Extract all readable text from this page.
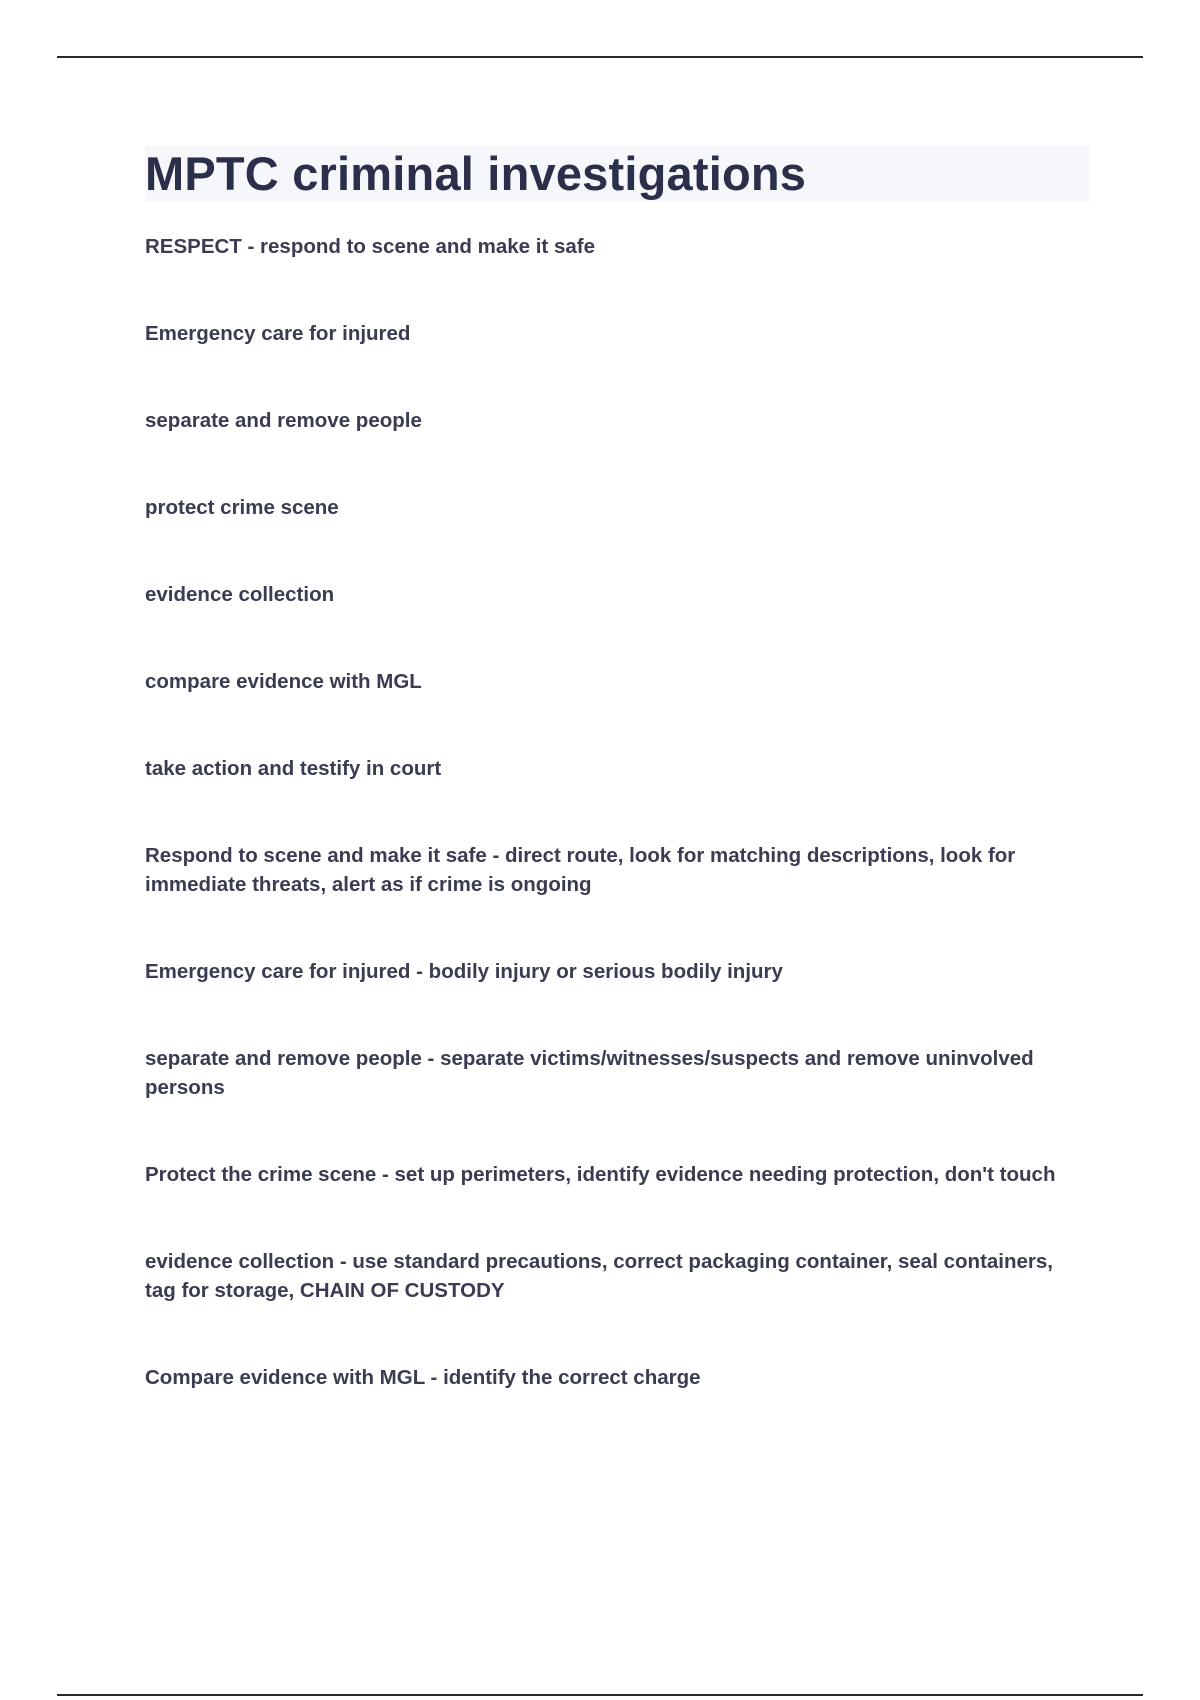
MPTC criminal investigations

RESPECT - respond to scene and make it safe

Emergency care for injured

separate and remove people

protect crime scene

evidence collection

compare evidence with MGL

take action and testify in court

Respond to scene and make it safe - direct route, look for matching descriptions, look for immediate threats, alert as if crime is ongoing

Emergency care for injured - bodily injury or serious bodily injury

separate and remove people - separate victims/witnesses/suspects and remove uninvolved persons

Protect the crime scene - set up perimeters, identify evidence needing protection, don't touch

evidence collection - use standard precautions, correct packaging container, seal containers, tag for storage, CHAIN OF CUSTODY

Compare evidence with MGL - identify the correct charge
